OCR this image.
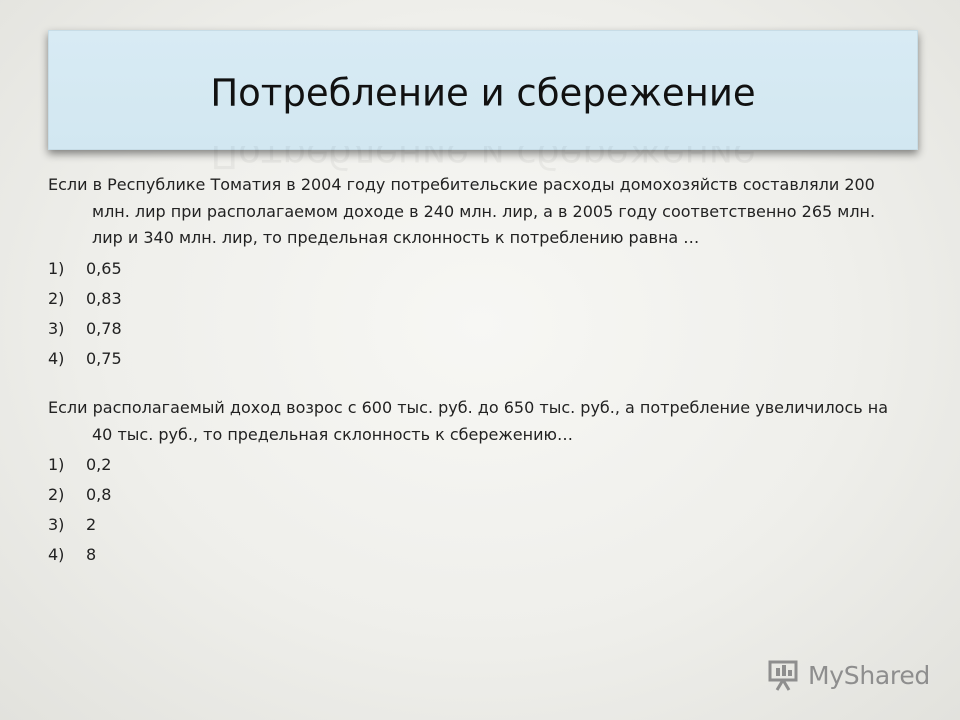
Потребление и сбережение

Если в Республике Томатия в 2004 году потребительские расходы домохозяйств составляли 200 млн. лир при располагаемом доходе в 240 млн. лир, а в 2005 году соответственно 265 млн. лир и 340 млн. лир, то предельная склонность к потреблению равна …

1) 0,65

2) 0,83

3) 0,78

4) 0,75

Если располагаемый доход возрос с 600 тыс. руб. до 650 тыс. руб., а потребление увеличилось на 40 тыс. руб., то предельная склонность к сбережению…

1) 0,2

2) 0,8

3) 2

4) 8

MyShared
